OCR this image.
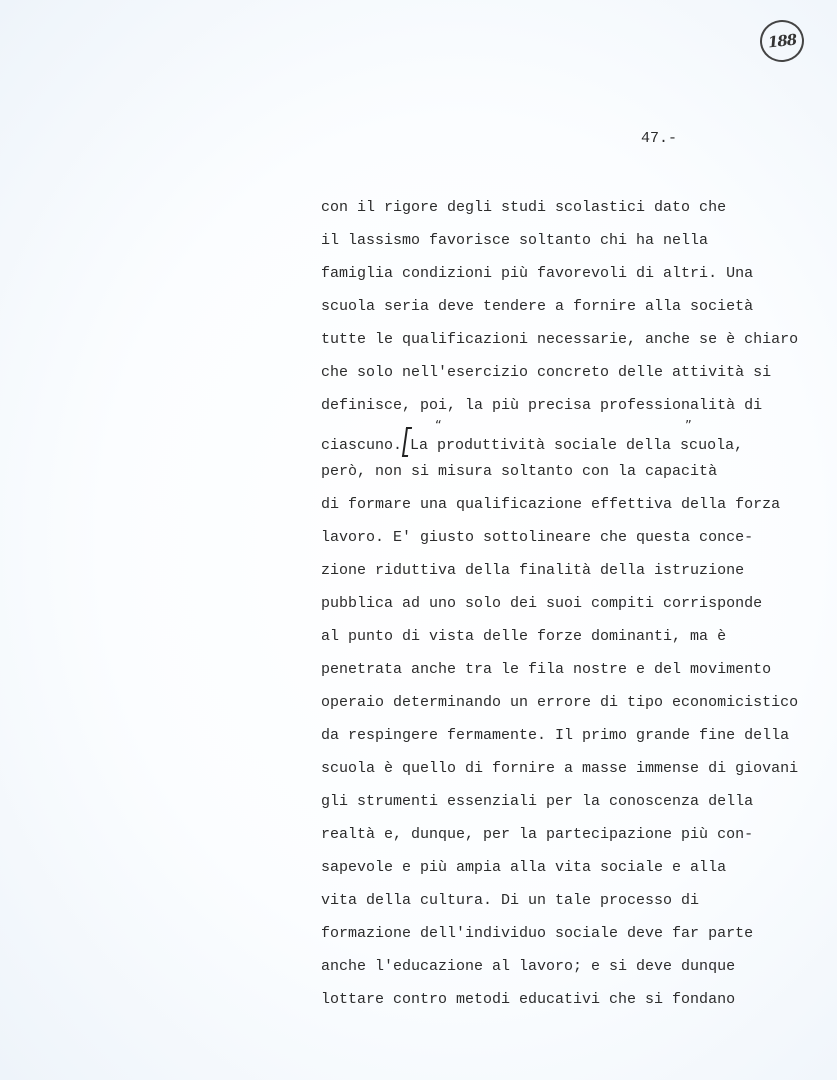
188
47.-
con il rigore degli studi scolastici dato che
il lassismo favorisce soltanto chi ha nella
famiglia condizioni più favorevoli di altri. Una
scuola seria deve tendere a fornire alla società
tutte le qualificazioni necessarie, anche se è chiaro
che solo nell'esercizio concreto delle attività si
definisce, poi, la più precisa professionalità di
ciascuno. La produttività sociale della scuola,
“	”
però, non si misura soltanto con la capacità
di formare una qualificazione effettiva della forza
lavoro. E' giusto sottolineare che questa conce-
zione riduttiva della finalità della istruzione
pubblica ad uno solo dei suoi compiti corrisponde
al punto di vista delle forze dominanti, ma è
penetrata anche tra le fila nostre e del movimento
operaio determinando un errore di tipo economicistico
da respingere fermamente. Il primo grande fine della
scuola è quello di fornire a masse immense di giovani
gli strumenti essenziali per la conoscenza della
realtà e, dunque, per la partecipazione più con-
sapevole e più ampia alla vita sociale e alla
vita della cultura. Di un tale processo di
formazione dell'individuo sociale deve far parte
anche l'educazione al lavoro; e si deve dunque
lottare contro metodi educativi che si fondano
